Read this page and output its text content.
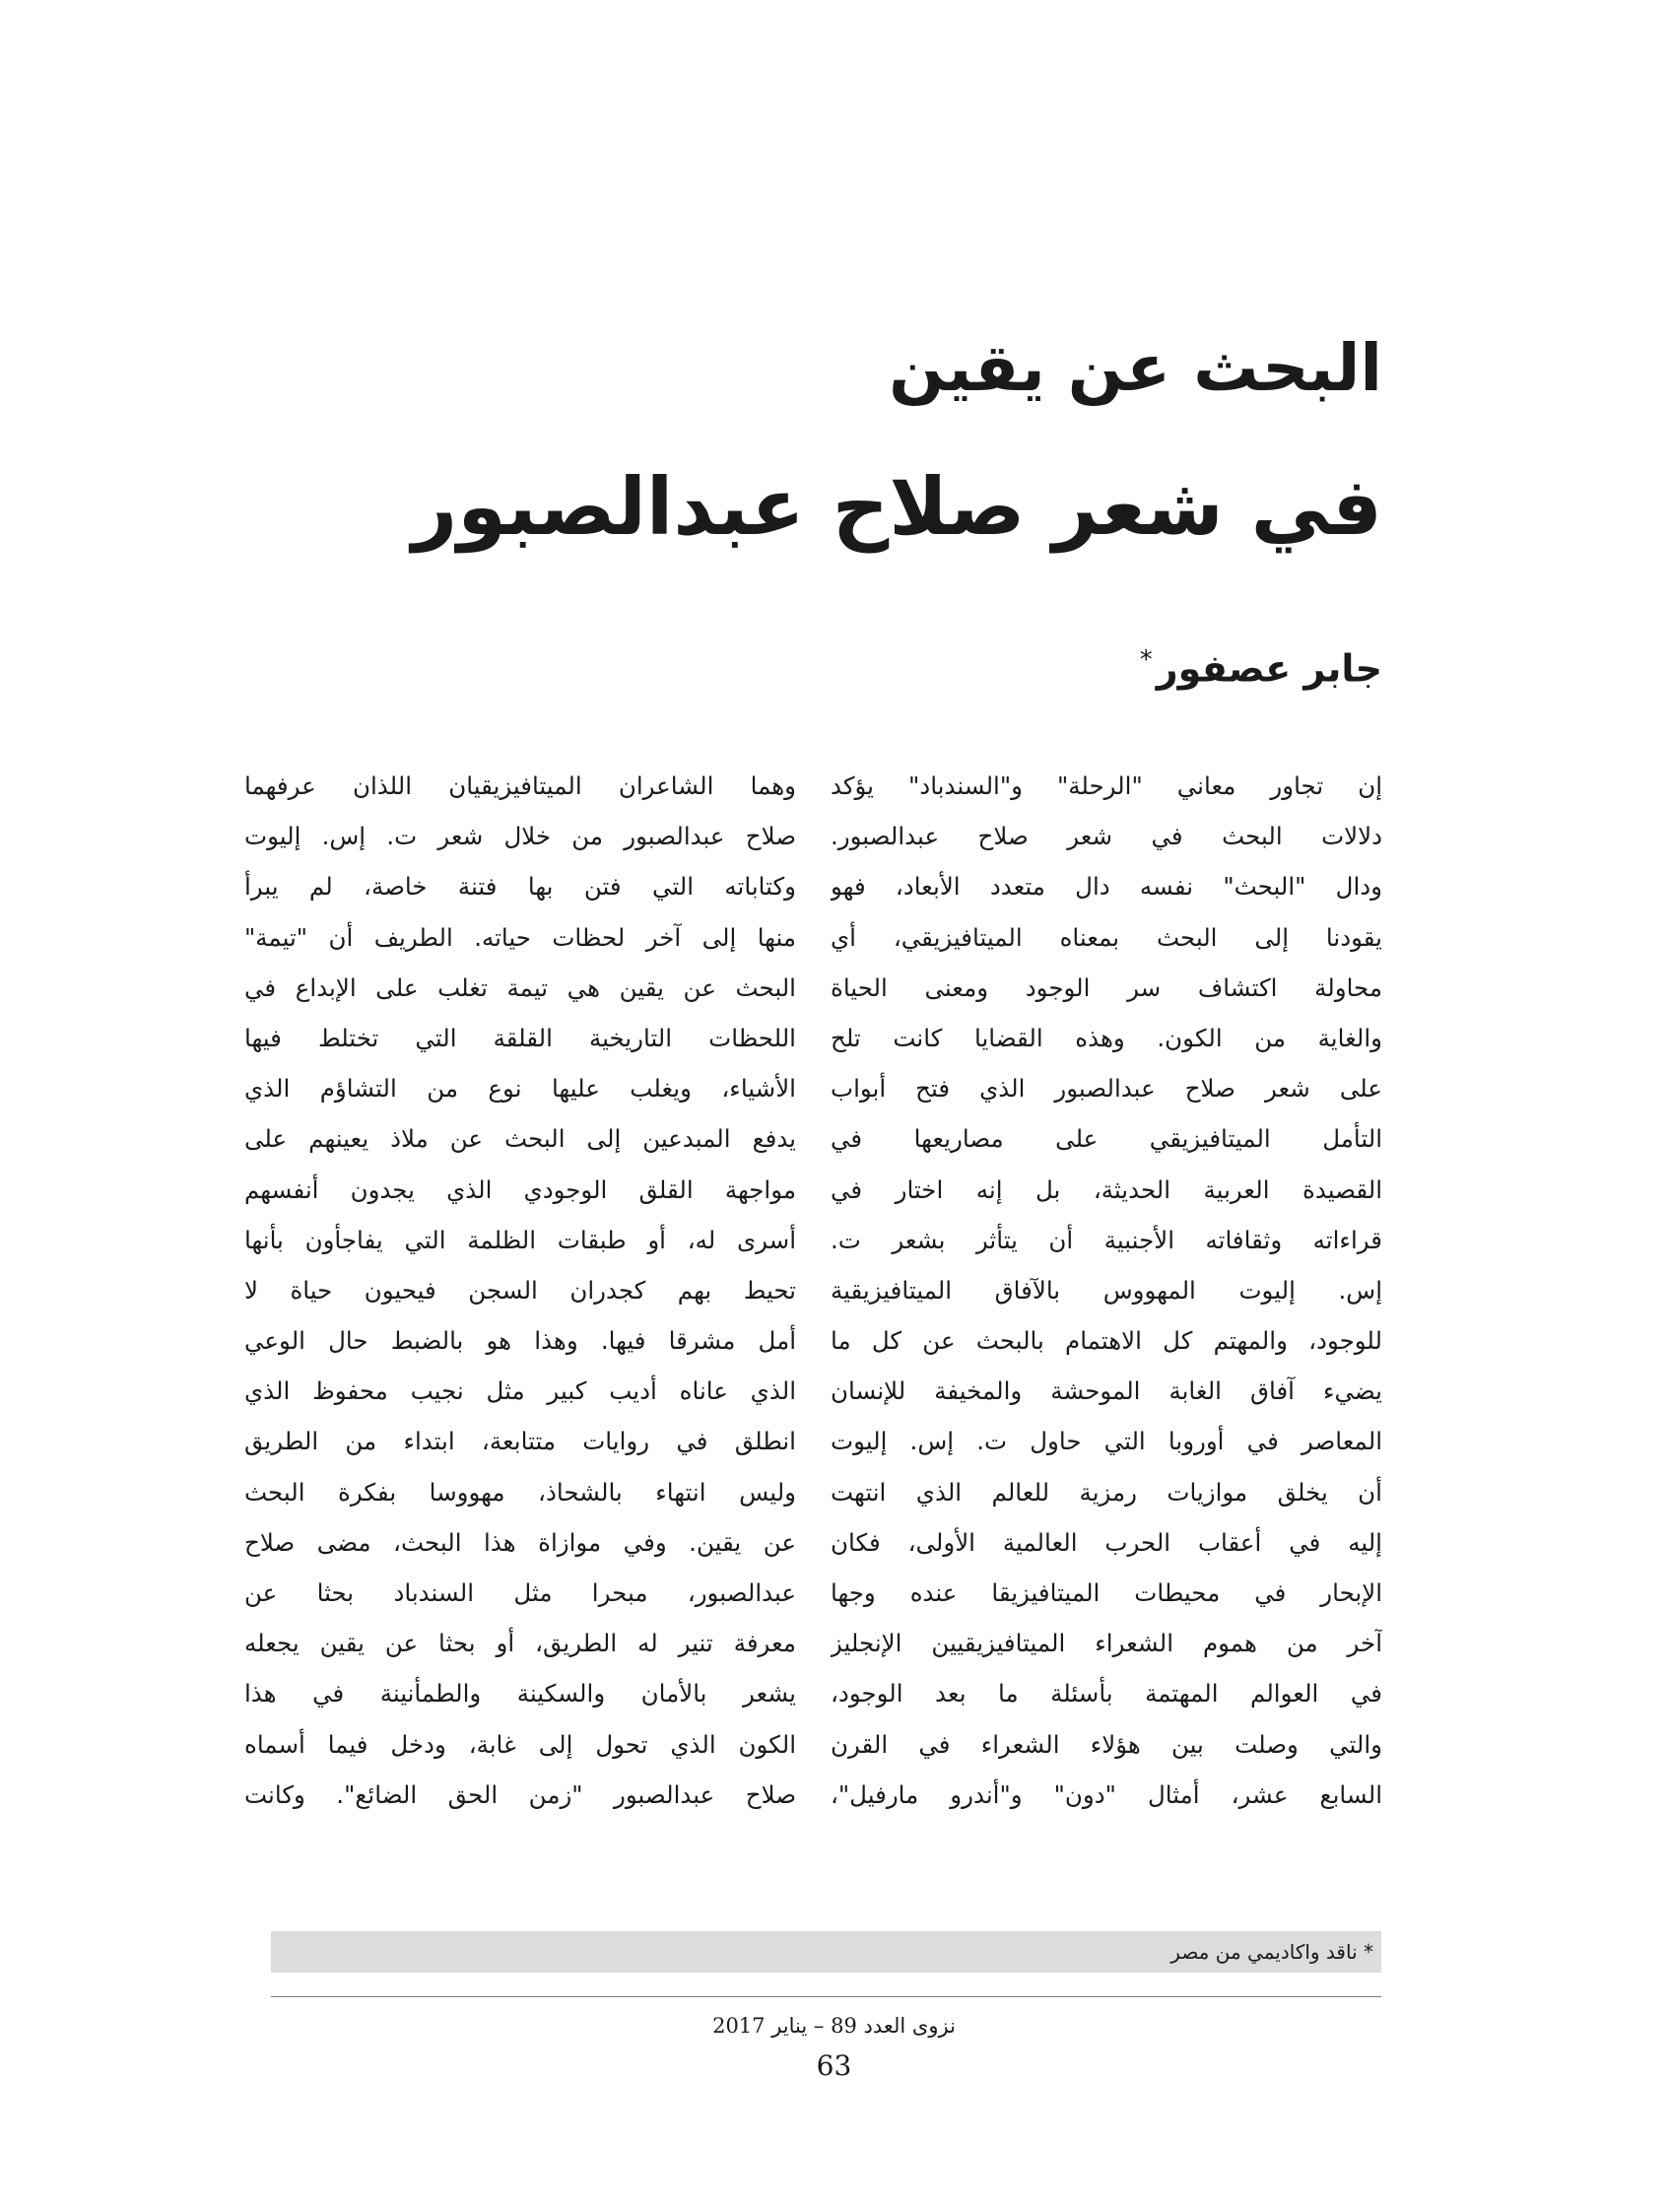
البحث عن يقين
في شعر صلاح عبدالصبور
جابر عصفور*
إن تجاور معاني "الرحلة" و"السندباد" يؤكد
دلالات البحث في شعر صلاح عبدالصبور.
ودال "البحث" نفسه دال متعدد الأبعاد، فهو
يقودنا إلى البحث بمعناه الميتافيزيقي، أي
محاولة اكتشاف سر الوجود ومعنى الحياة
والغاية من الكون. وهذه القضايا كانت تلح
على شعر صلاح عبدالصبور الذي فتح أبواب
التأمل الميتافيزيقي على مصاريعها في
القصيدة العربية الحديثة، بل إنه اختار في
قراءاته وثقافاته الأجنبية أن يتأثر بشعر ت.
إس. إليوت المهووس بالآفاق الميتافيزيقية
للوجود، والمهتم كل الاهتمام بالبحث عن كل ما
يضيء آفاق الغابة الموحشة والمخيفة للإنسان
المعاصر في أوروبا التي حاول ت. إس. إليوت
أن يخلق موازيات رمزية للعالم الذي انتهت
إليه في أعقاب الحرب العالمية الأولى، فكان
الإبحار في محيطات الميتافيزيقا عنده وجها
آخر من هموم الشعراء الميتافيزيقيين الإنجليز
في العوالم المهتمة بأسئلة ما بعد الوجود،
والتي وصلت بين هؤلاء الشعراء في القرن
السابع عشر، أمثال "دون" و"أندرو مارفيل"،
وهما الشاعران الميتافيزيقيان اللذان عرفهما
صلاح عبدالصبور من خلال شعر ت. إس. إليوت
وكتاباته التي فتن بها فتنة خاصة، لم يبرأ
منها إلى آخر لحظات حياته. الطريف أن "تيمة"
البحث عن يقين هي تيمة تغلب على الإبداع في
اللحظات التاريخية القلقة التي تختلط فيها
الأشياء، ويغلب عليها نوع من التشاؤم الذي
يدفع المبدعين إلى البحث عن ملاذ يعينهم على
مواجهة القلق الوجودي الذي يجدون أنفسهم
أسرى له، أو طبقات الظلمة التي يفاجأون بأنها
تحيط بهم كجدران السجن فيحيون حياة لا
أمل مشرقا فيها. وهذا هو بالضبط حال الوعي
الذي عاناه أديب كبير مثل نجيب محفوظ الذي
انطلق في روايات متتابعة، ابتداء من الطريق
وليس انتهاء بالشحاذ، مهووسا بفكرة البحث
عن يقين. وفي موازاة هذا البحث، مضى صلاح
عبدالصبور، مبحرا مثل السندباد بحثا عن
معرفة تنير له الطريق، أو بحثا عن يقين يجعله
يشعر بالأمان والسكينة والطمأنينة في هذا
الكون الذي تحول إلى غابة، ودخل فيما أسماه
صلاح عبدالصبور "زمن الحق الضائع". وكانت
* ناقد واكاديمي من مصر
نزوى العدد 89 – يناير 2017
63
